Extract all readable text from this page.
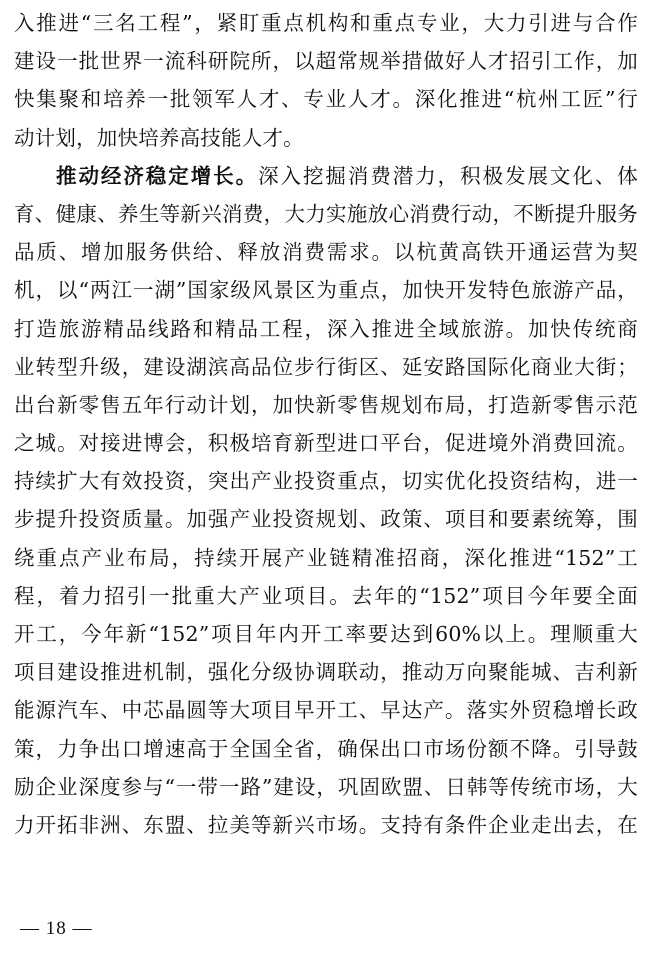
入推进“三名工程”，紧盯重点机构和重点专业，大力引进与合作
建设一批世界一流科研院所，以超常规举措做好人才招引工作，加
快集聚和培养一批领军人才、专业人才。深化推进“杭州工匠”行
动计划，加快培养高技能人才。
推动经济稳定增长。深入挖掘消费潜力，积极发展文化、体
育、健康、养生等新兴消费，大力实施放心消费行动，不断提升服务
品质、增加服务供给、释放消费需求。以杭黄高铁开通运营为契
机，以“两江一湖”国家级风景区为重点，加快开发特色旅游产品，
打造旅游精品线路和精品工程，深入推进全域旅游。加快传统商
业转型升级，建设湖滨高品位步行街区、延安路国际化商业大街；
出台新零售五年行动计划，加快新零售规划布局，打造新零售示范
之城。对接进博会，积极培育新型进口平台，促进境外消费回流。
持续扩大有效投资，突出产业投资重点，切实优化投资结构，进一
步提升投资质量。加强产业投资规划、政策、项目和要素统筹，围
绕重点产业布局，持续开展产业链精准招商，深化推进“152”工
程，着力招引一批重大产业项目。去年的“152”项目今年要全面
开工，今年新“152”项目年内开工率要达到60%以上。理顺重大
项目建设推进机制，强化分级协调联动，推动万向聚能城、吉利新
能源汽车、中芯晶圆等大项目早开工、早达产。落实外贸稳增长政
策，力争出口增速高于全国全省，确保出口市场份额不降。引导鼓
励企业深度参与“一带一路”建设，巩固欧盟、日韩等传统市场，大
力开拓非洲、东盟、拉美等新兴市场。支持有条件企业走出去，在
— 18 —
